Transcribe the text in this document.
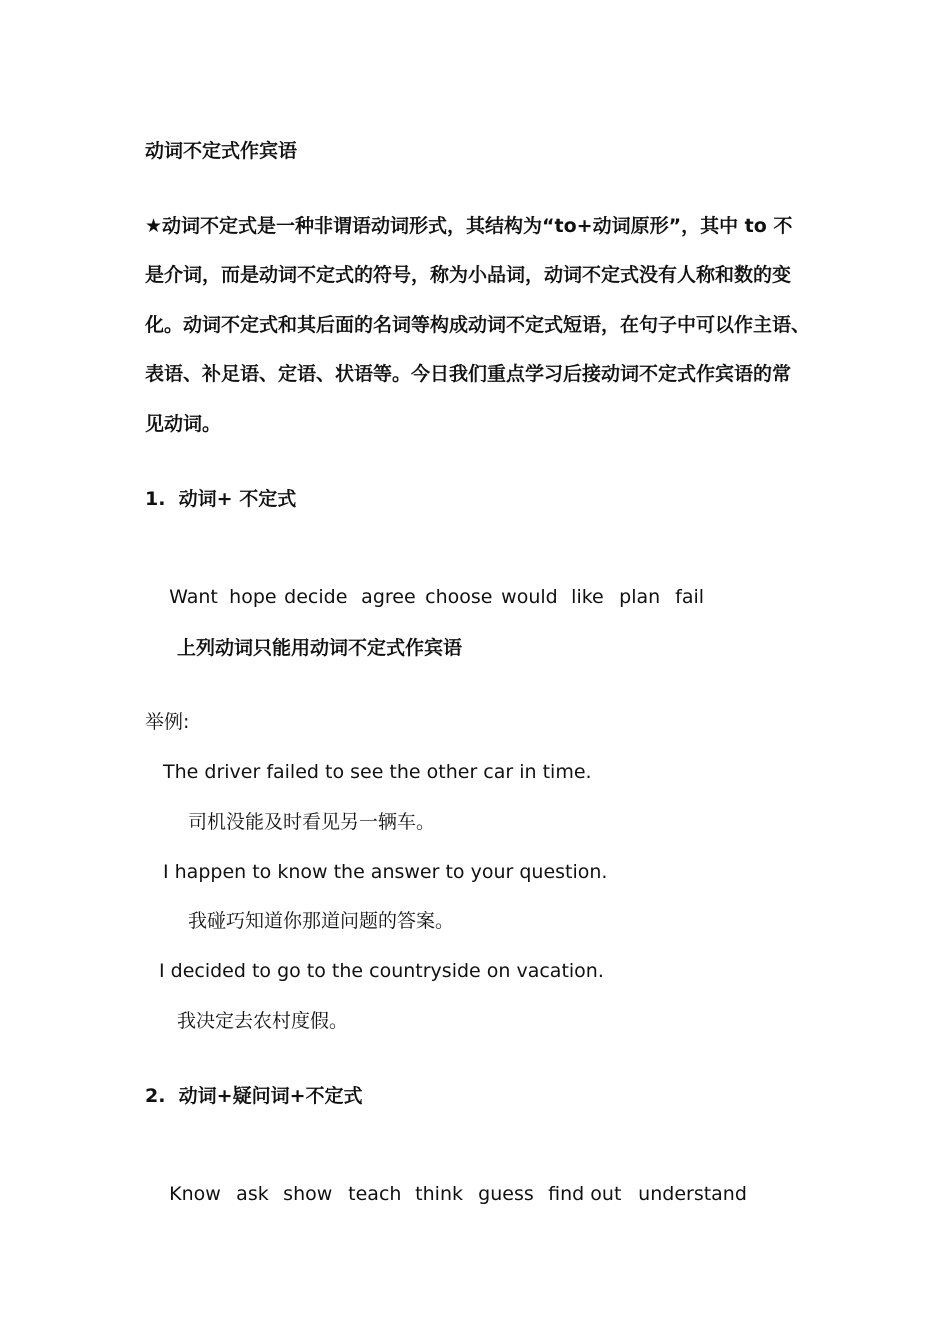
动词不定式作宾语
★动词不定式是一种非谓语动词形式，其结构为“to+动词原形”，其中 to 不
是介词，而是动词不定式的符号，称为小品词，动词不定式没有人称和数的变
化。动词不定式和其后面的名词等构成动词不定式短语，在句子中可以作主语、
表语、补足语、定语、状语等。今日我们重点学习后接动词不定式作宾语的常
见动词。
1.  动词+ 不定式

Want hope decide agree choose would like plan fail

上列动词只能用动词不定式作宾语
举例:
The driver failed to see the other car in time.
司机没能及时看见另一辆车。
I happen to know the answer to your question.
我碰巧知道你那道问题的答案。
I decided to go to the countryside on vacation.
我决定去农村度假。
2.  动词+疑问词+不定式

Know ask show teach think guess find out understand
